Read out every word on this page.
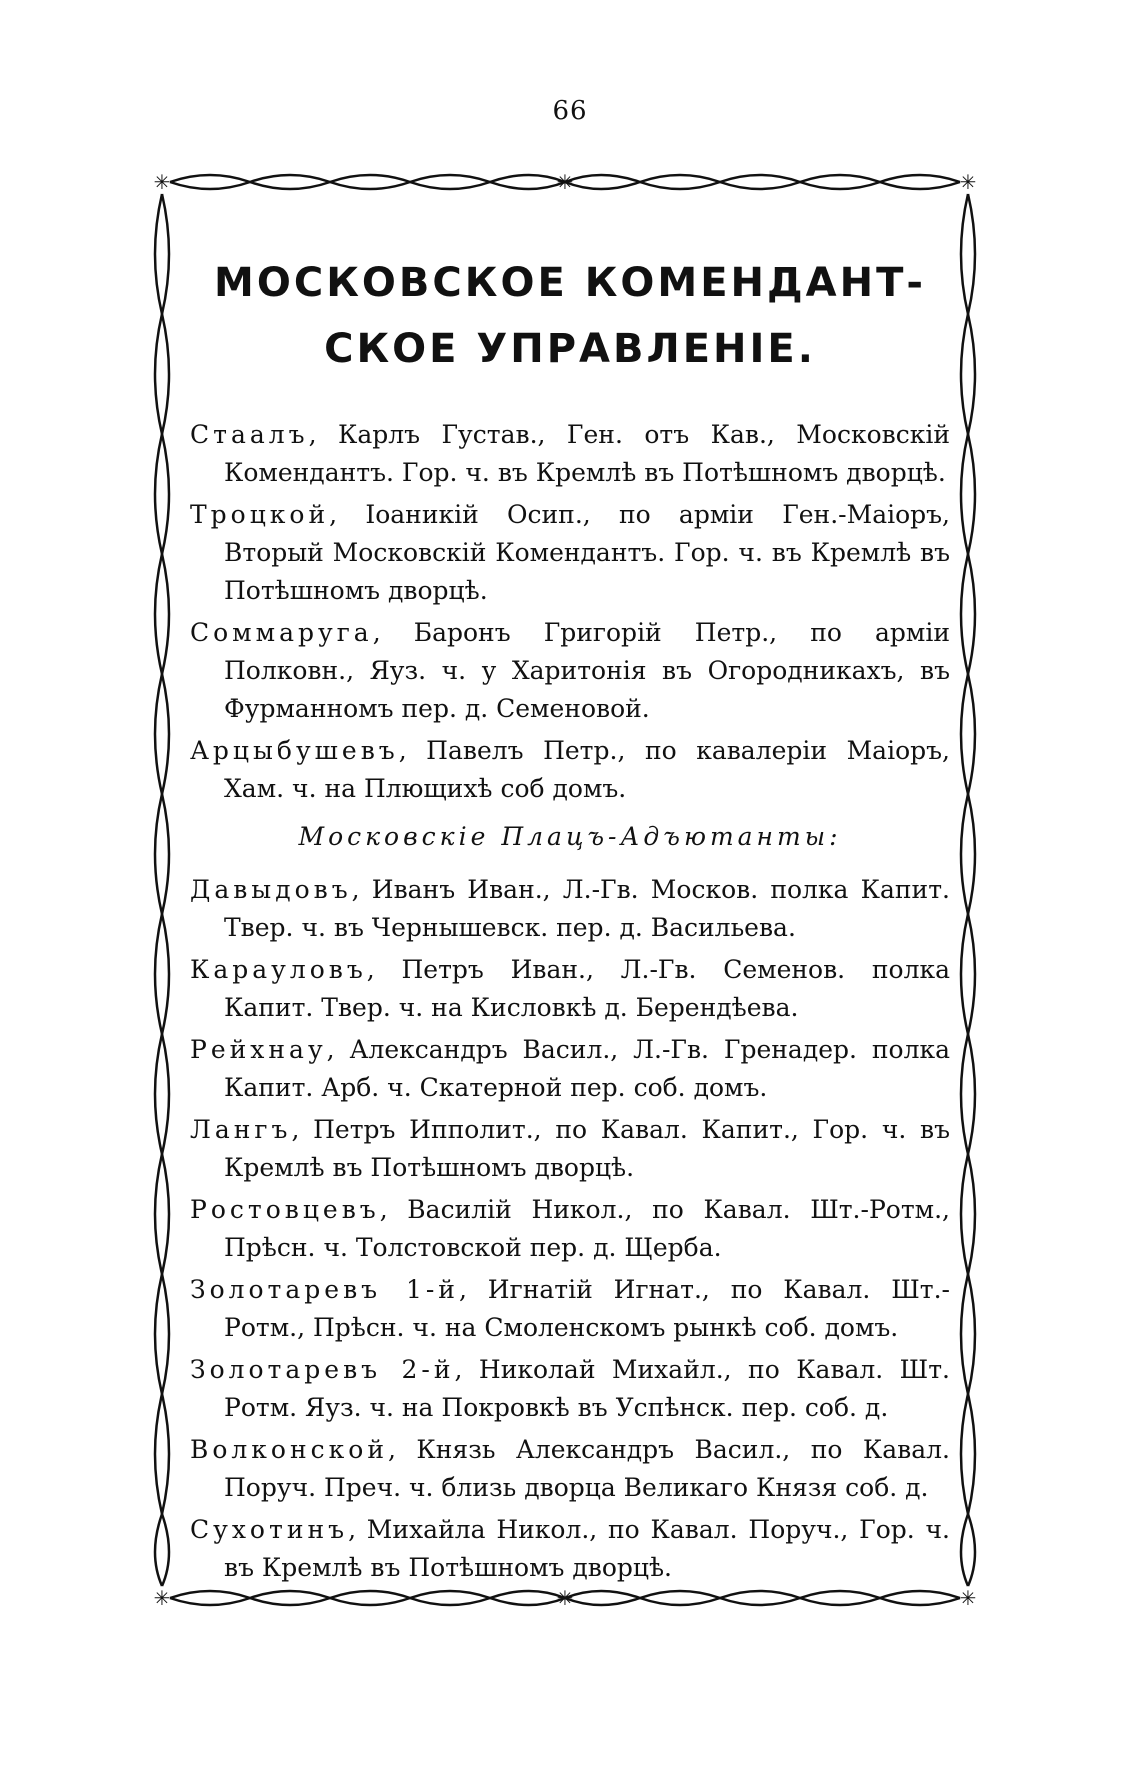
66
✳	✳
✳	✳
✳
✳
МОСКОВСКОЕ КОМЕНДАНТ-
СКОЕ УПРАВЛЕНІЕ.

Стаалъ, Карлъ Густав., Ген. отъ Кав., Московскій Комендантъ. Гор. ч. въ Кремлѣ въ Потѣшномъ дворцѣ.

Троцкой, Іоаникій Осип., по арміи Ген.-Маіоръ, Вторый Московскій Комендантъ. Гор. ч. въ Кремлѣ въ Потѣшномъ дворцѣ.

Соммаруга, Баронъ Григорій Петр., по арміи Полковн., Яуз. ч. у Харитонія въ Огородникахъ, въ Фурманномъ пер. д. Семеновой.

Арцыбушевъ, Павелъ Петр., по кавалеріи Маіоръ, Хам. ч. на Плющихѣ соб домъ.

Московскіе Плацъ-Адъютанты:

Давыдовъ, Иванъ Иван., Л.-Гв. Москов. полка Капит. Твер. ч. въ Чернышевск. пер. д. Васильева.

Карауловъ, Петръ Иван., Л.-Гв. Семенов. полка Капит. Твер. ч. на Кисловкѣ д. Берендѣева.

Рейхнау, Александръ Васил., Л.-Гв. Гренадер. полка Капит. Арб. ч. Скатерной пер. соб. домъ.

Лангъ, Петръ Ипполит., по Кавал. Капит., Гор. ч. въ Кремлѣ въ Потѣшномъ дворцѣ.

Ростовцевъ, Василій Никол., по Кавал. Шт.-Ротм., Прѣсн. ч. Толстовской пер. д. Щерба.

Золотаревъ 1-й, Игнатій Игнат., по Кавал. Шт.-Ротм., Прѣсн. ч. на Смоленскомъ рынкѣ соб. домъ.

Золотаревъ 2-й, Николай Михайл., по Кавал. Шт. Ротм. Яуз. ч. на Покровкѣ въ Успѣнск. пер. соб. д.

Волконской, Князь Александръ Васил., по Кавал. Поруч. Преч. ч. близь дворца Великаго Князя соб. д.

Сухотинъ, Михайла Никол., по Кавал. Поруч., Гор. ч. въ Кремлѣ въ Потѣшномъ дворцѣ.
